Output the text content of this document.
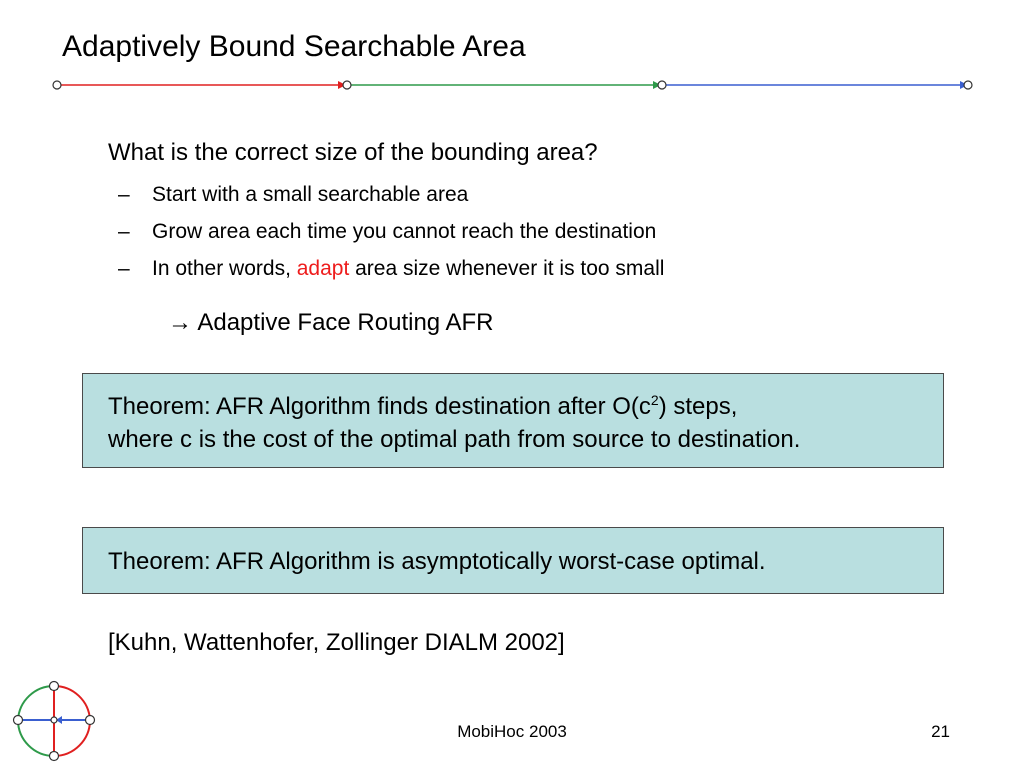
Adaptively Bound Searchable Area
What is the correct size of the bounding area?
– Start with a small searchable area
– Grow area each time you cannot reach the destination
– In other words, adapt area size whenever it is too small
→ Adaptive Face Routing AFR

Theorem: AFR Algorithm finds destination after $O(c^2)$ steps,

where c is the cost of the optimal path from source to destination.

Theorem: AFR Algorithm is asymptotically worst-case optimal.

[Kuhn, Wattenhofer, Zollinger DIALM 2002]
MobiHoc 2003	21
